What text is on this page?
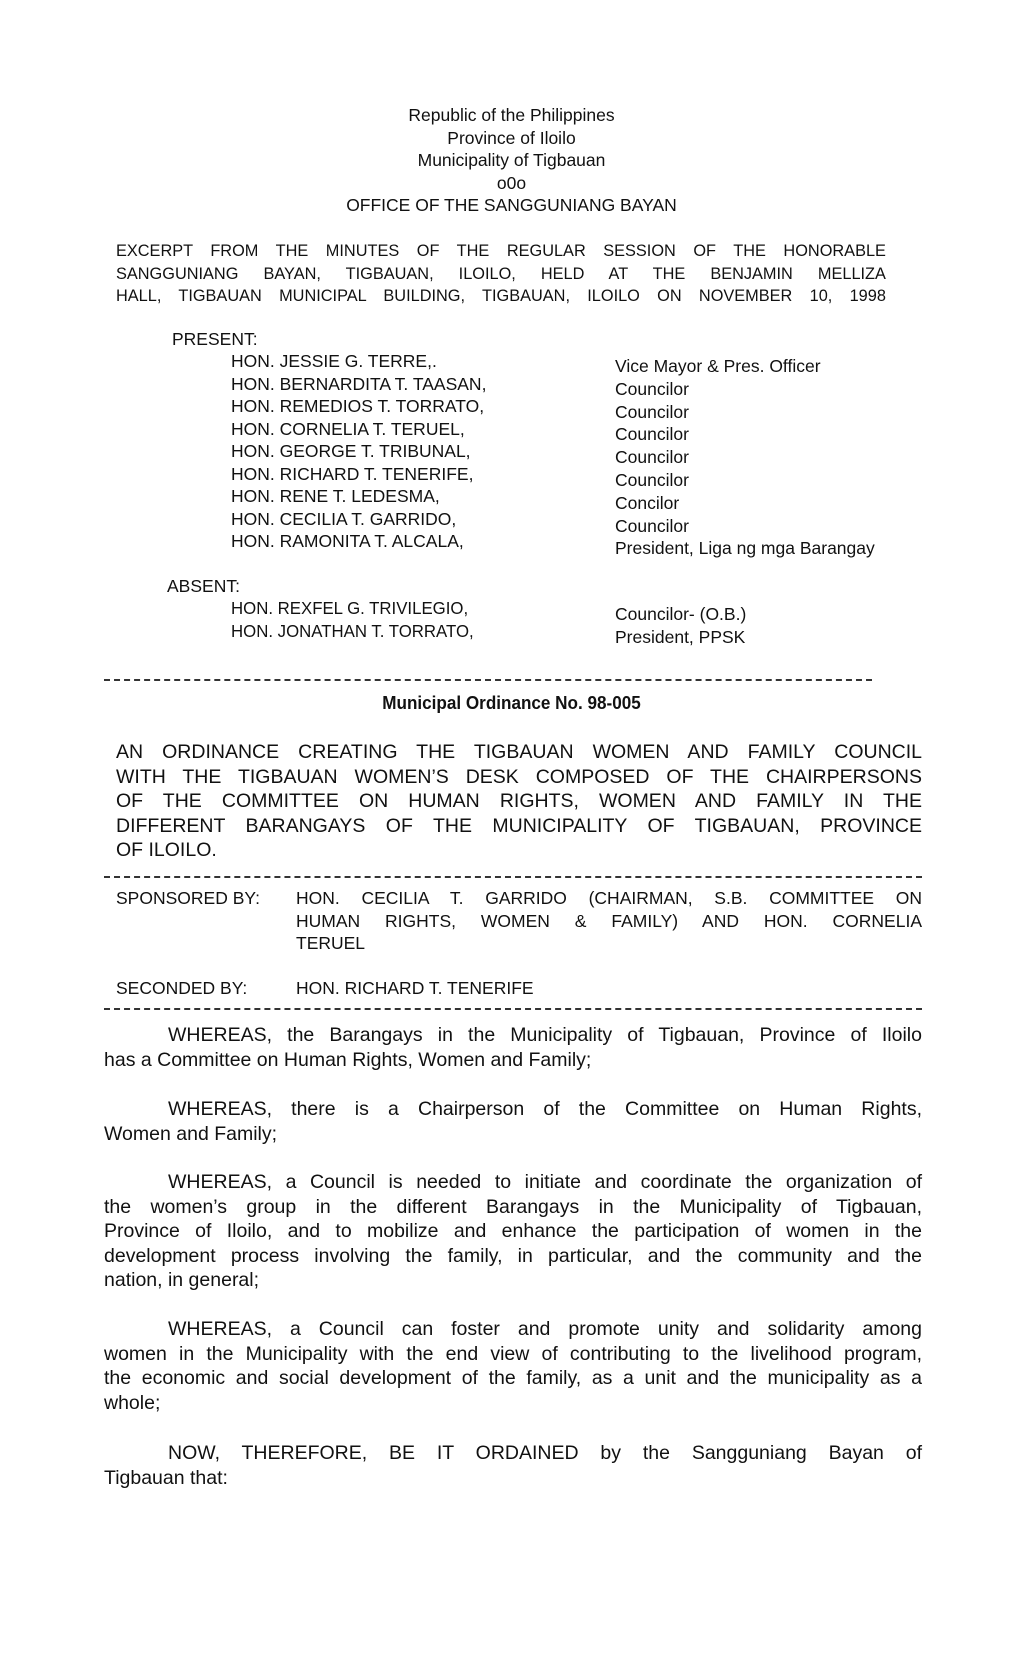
Republic of the Philippines
Province of Iloilo
Municipality of Tigbauan
o0o
OFFICE OF THE SANGGUNIANG BAYAN
EXCERPT FROM THE MINUTES OF THE REGULAR SESSION OF THE HONORABLE
SANGGUNIANG BAYAN, TIGBAUAN, ILOILO, HELD AT THE BENJAMIN MELLIZA
HALL, TIGBAUAN MUNICIPAL BUILDING, TIGBAUAN, ILOILO ON NOVEMBER 10, 1998
PRESENT:
HON. JESSIE G. TERRE,.
HON. BERNARDITA T. TAASAN,
HON. REMEDIOS T. TORRATO,
HON. CORNELIA T. TERUEL,
HON. GEORGE T. TRIBUNAL,
HON. RICHARD T. TENERIFE,
HON. RENE T. LEDESMA,
HON. CECILIA T. GARRIDO,
HON. RAMONITA T. ALCALA,
Vice Mayor & Pres. Officer
Councilor
Councilor
Councilor
Councilor
Councilor
Concilor
Councilor
President, Liga ng mga Barangay
ABSENT:
HON. REXFEL G. TRIVILEGIO,
HON. JONATHAN T. TORRATO,
Councilor- (O.B.)
President, PPSK
Municipal Ordinance No. 98-005
AN ORDINANCE CREATING THE TIGBAUAN WOMEN AND FAMILY COUNCIL
WITH THE TIGBAUAN WOMEN’S DESK COMPOSED OF THE CHAIRPERSONS
OF THE COMMITTEE ON HUMAN RIGHTS, WOMEN AND FAMILY IN THE
DIFFERENT BARANGAYS OF THE MUNICIPALITY OF TIGBAUAN, PROVINCE
OF ILOILO.
SPONSORED BY: HON. CECILIA T. GARRIDO (CHAIRMAN, S.B. COMMITTEE ON
HUMAN RIGHTS, WOMEN & FAMILY) AND HON. CORNELIA
TERUEL
SECONDED BY:	HON. RICHARD T. TENERIFE
WHEREAS, the Barangays in the Municipality of Tigbauan, Province of Iloilo
has a Committee on Human Rights, Women and Family;
WHEREAS, there is a Chairperson of the Committee on Human Rights,
Women and Family;
WHEREAS, a Council is needed to initiate and coordinate the organization of
the women’s group in the different Barangays in the Municipality of Tigbauan,
Province of Iloilo, and to mobilize and enhance the participation of women in the
development process involving the family, in particular, and the community and the
nation, in general;
WHEREAS, a Council can foster and promote unity and solidarity among
women in the Municipality with the end view of contributing to the livelihood program,
the economic and social development of the family, as a unit and the municipality as a
whole;
NOW, THEREFORE, BE IT ORDAINED by the Sangguniang Bayan of
Tigbauan that:
